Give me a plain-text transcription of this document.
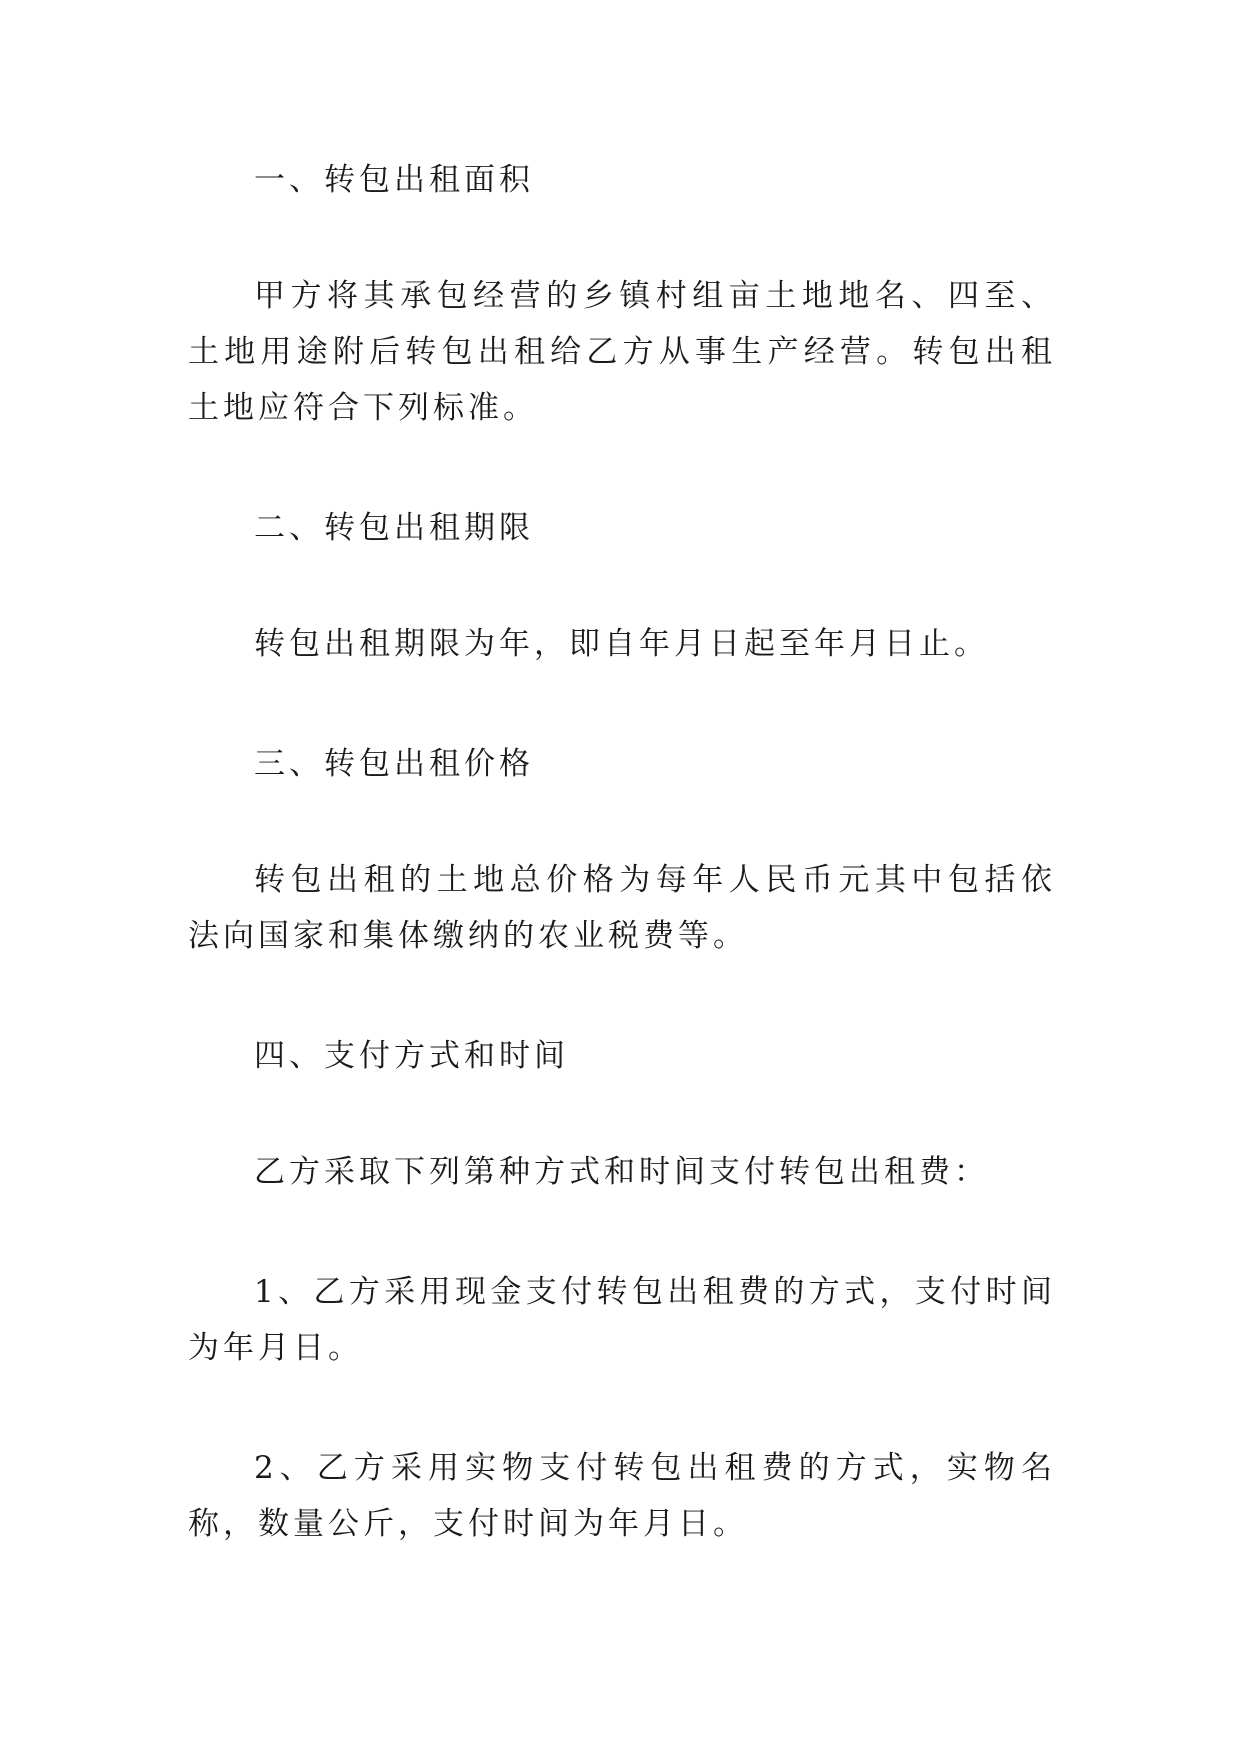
一、转包出租面积

甲方将其承包经营的乡镇村组亩土地地名、四至、土地用途附后转包出租给乙方从事生产经营。转包出租土地应符合下列标准。

二、转包出租期限

转包出租期限为年，即自年月日起至年月日止。

三、转包出租价格

转包出租的土地总价格为每年人民币元其中包括依法向国家和集体缴纳的农业税费等。

四、支付方式和时间

乙方采取下列第种方式和时间支付转包出租费：

1、乙方采用现金支付转包出租费的方式，支付时间为年月日。

2、乙方采用实物支付转包出租费的方式，实物名称，数量公斤，支付时间为年月日。
